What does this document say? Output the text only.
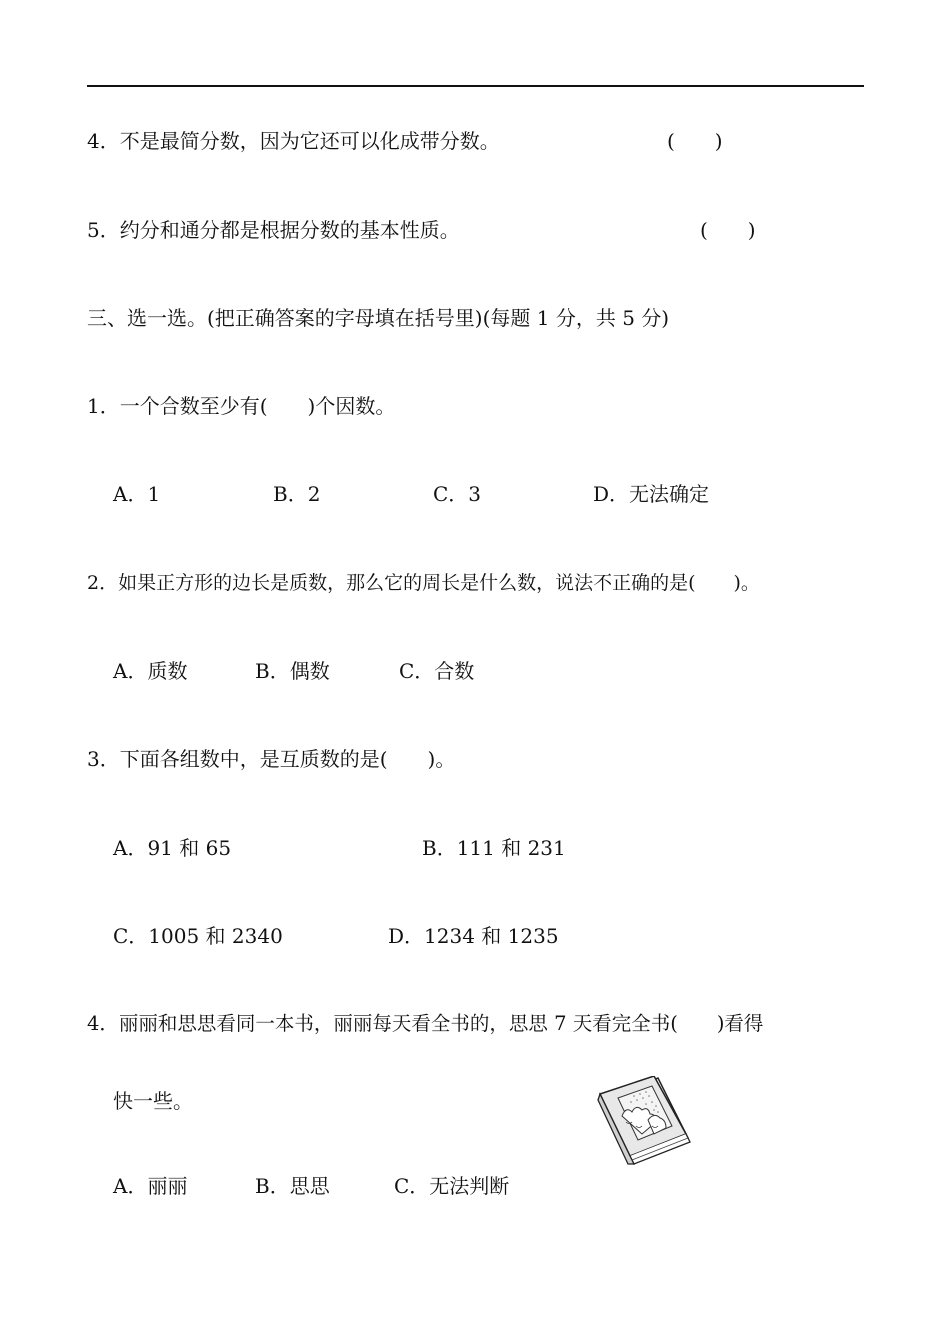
4．不是最简分数，因为它还可以化成带分数。	(　　)
5．约分和通分都是根据分数的基本性质。	(　　)
三、选一选。(把正确答案的字母填在括号里)(每题 1 分，共 5 分)
1．一个合数至少有(　　)个因数。
A．1	B．2	C．3	D．无法确定
2．如果正方形的边长是质数，那么它的周长是什么数，说法不正确的是(　　)。
A．质数	B．偶数	C．合数
3．下面各组数中，是互质数的是(　　)。
A．91 和 65	B．111 和 231
C．1005 和 2340	D．1234 和 1235
4．丽丽和思思看同一本书，丽丽每天看全书的，思思 7 天看完全书(　　)看得
快一些。
A．丽丽	B．思思	C．无法判断
